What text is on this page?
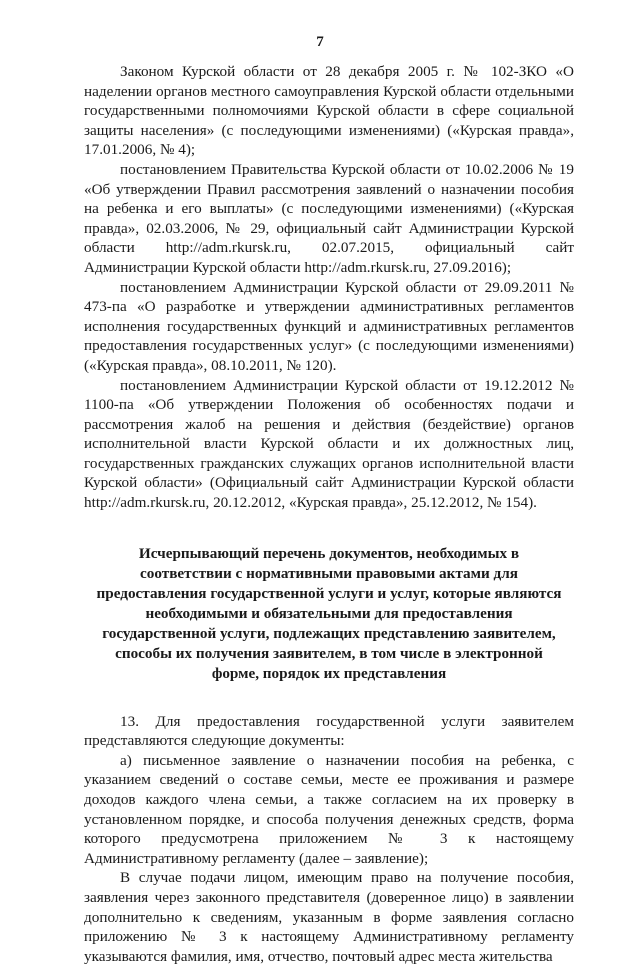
7

Законом Курской области от 28 декабря 2005 г. № 102-ЗКО «О наделении органов местного самоуправления Курской области отдельными государственными полномочиями Курской области в сфере социальной защиты населения» (с последующими изменениями) («Курская правда», 17.01.2006, № 4);

постановлением Правительства Курской области от 10.02.2006 № 19 «Об утверждении Правил рассмотрения заявлений о назначении пособия на ребенка и его выплаты» (с последующими изменениями) («Курская правда», 02.03.2006, № 29, официальный сайт Администрации Курской области http://adm.rkursk.ru, 02.07.2015, официальный сайт Администрации Курской области http://adm.rkursk.ru, 27.09.2016);

постановлением Администрации Курской области от 29.09.2011 № 473-па «О разработке и утверждении административных регламентов исполнения государственных функций и административных регламентов предоставления государственных услуг» (с последующими изменениями) («Курская правда», 08.10.2011, № 120).

постановлением Администрации Курской области от 19.12.2012 № 1100-па «Об утверждении Положения об особенностях подачи и рассмотрения жалоб на решения и действия (бездействие) органов исполнительной власти Курской области и их должностных лиц, государственных гражданских служащих органов исполнительной власти Курской области» (Официальный сайт Администрации Курской области http://adm.rkursk.ru, 20.12.2012, «Курская правда», 25.12.2012, № 154).

Исчерпывающий перечень документов, необходимых в соответствии с нормативными правовыми актами для предоставления государственной услуги и услуг, которые являются необходимыми и обязательными для предоставления государственной услуги, подлежащих представлению заявителем, способы их получения заявителем, в том числе в электронной форме, порядок их представления

13. Для предоставления государственной услуги заявителем представляются следующие документы:

а) письменное заявление о назначении пособия на ребенка, с указанием сведений о составе семьи, месте ее проживания и размере доходов каждого члена семьи, а также согласием на их проверку в установленном порядке, и способа получения денежных средств, форма которого предусмотрена приложением № 3 к настоящему Административному регламенту (далее – заявление);

В случае подачи лицом, имеющим право на получение пособия, заявления через законного представителя (доверенное лицо) в заявлении дополнительно к сведениям, указанным в форме заявления согласно приложению № 3 к настоящему Административному регламенту указываются фамилия, имя, отчество, почтовый адрес места жительства
